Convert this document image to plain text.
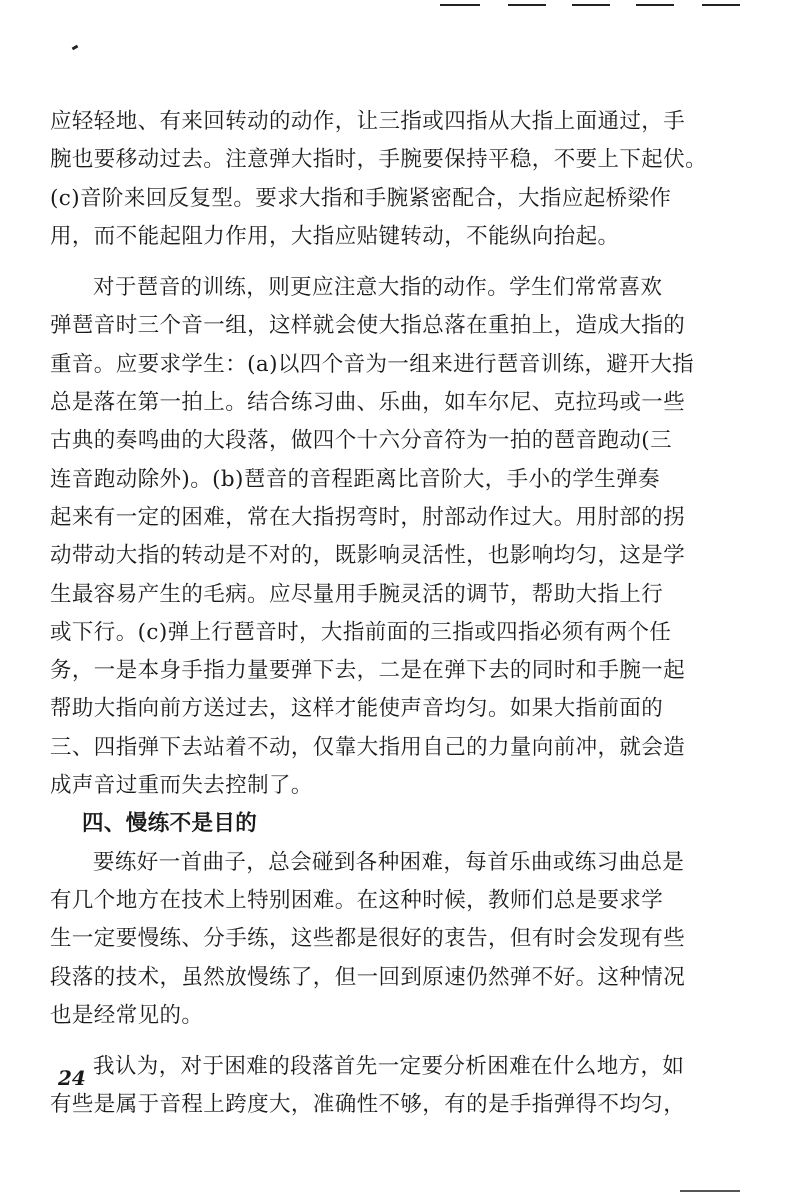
应轻轻地、有来回转动的动作，让三指或四指从大指上面通过，手
腕也要移动过去。注意弹大指时，手腕要保持平稳，不要上下起伏。
(c)音阶来回反复型。要求大指和手腕紧密配合，大指应起桥梁作
用，而不能起阻力作用，大指应贴键转动，不能纵向抬起。
对于琶音的训练，则更应注意大指的动作。学生们常常喜欢
弹琶音时三个音一组，这样就会使大指总落在重拍上，造成大指的
重音。应要求学生：(a)以四个音为一组来进行琶音训练，避开大指
总是落在第一拍上。结合练习曲、乐曲，如车尔尼、克拉玛或一些
古典的奏鸣曲的大段落，做四个十六分音符为一拍的琶音跑动(三
连音跑动除外)。(b)琶音的音程距离比音阶大，手小的学生弹奏
起来有一定的困难，常在大指拐弯时，肘部动作过大。用肘部的拐
动带动大指的转动是不对的，既影响灵活性，也影响均匀，这是学
生最容易产生的毛病。应尽量用手腕灵活的调节，帮助大指上行
或下行。(c)弹上行琶音时，大指前面的三指或四指必须有两个任
务，一是本身手指力量要弹下去，二是在弹下去的同时和手腕一起
帮助大指向前方送过去，这样才能使声音均匀。如果大指前面的
三、四指弹下去站着不动，仅靠大指用自己的力量向前冲，就会造
成声音过重而失去控制了。
四、慢练不是目的
要练好一首曲子，总会碰到各种困难，每首乐曲或练习曲总是
有几个地方在技术上特别困难。在这种时候，教师们总是要求学
生一定要慢练、分手练，这些都是很好的衷告，但有时会发现有些
段落的技术，虽然放慢练了，但一回到原速仍然弹不好。这种情况
也是经常见的。
我认为，对于困难的段落首先一定要分析困难在什么地方，如
有些是属于音程上跨度大，准确性不够，有的是手指弹得不均匀，
24
